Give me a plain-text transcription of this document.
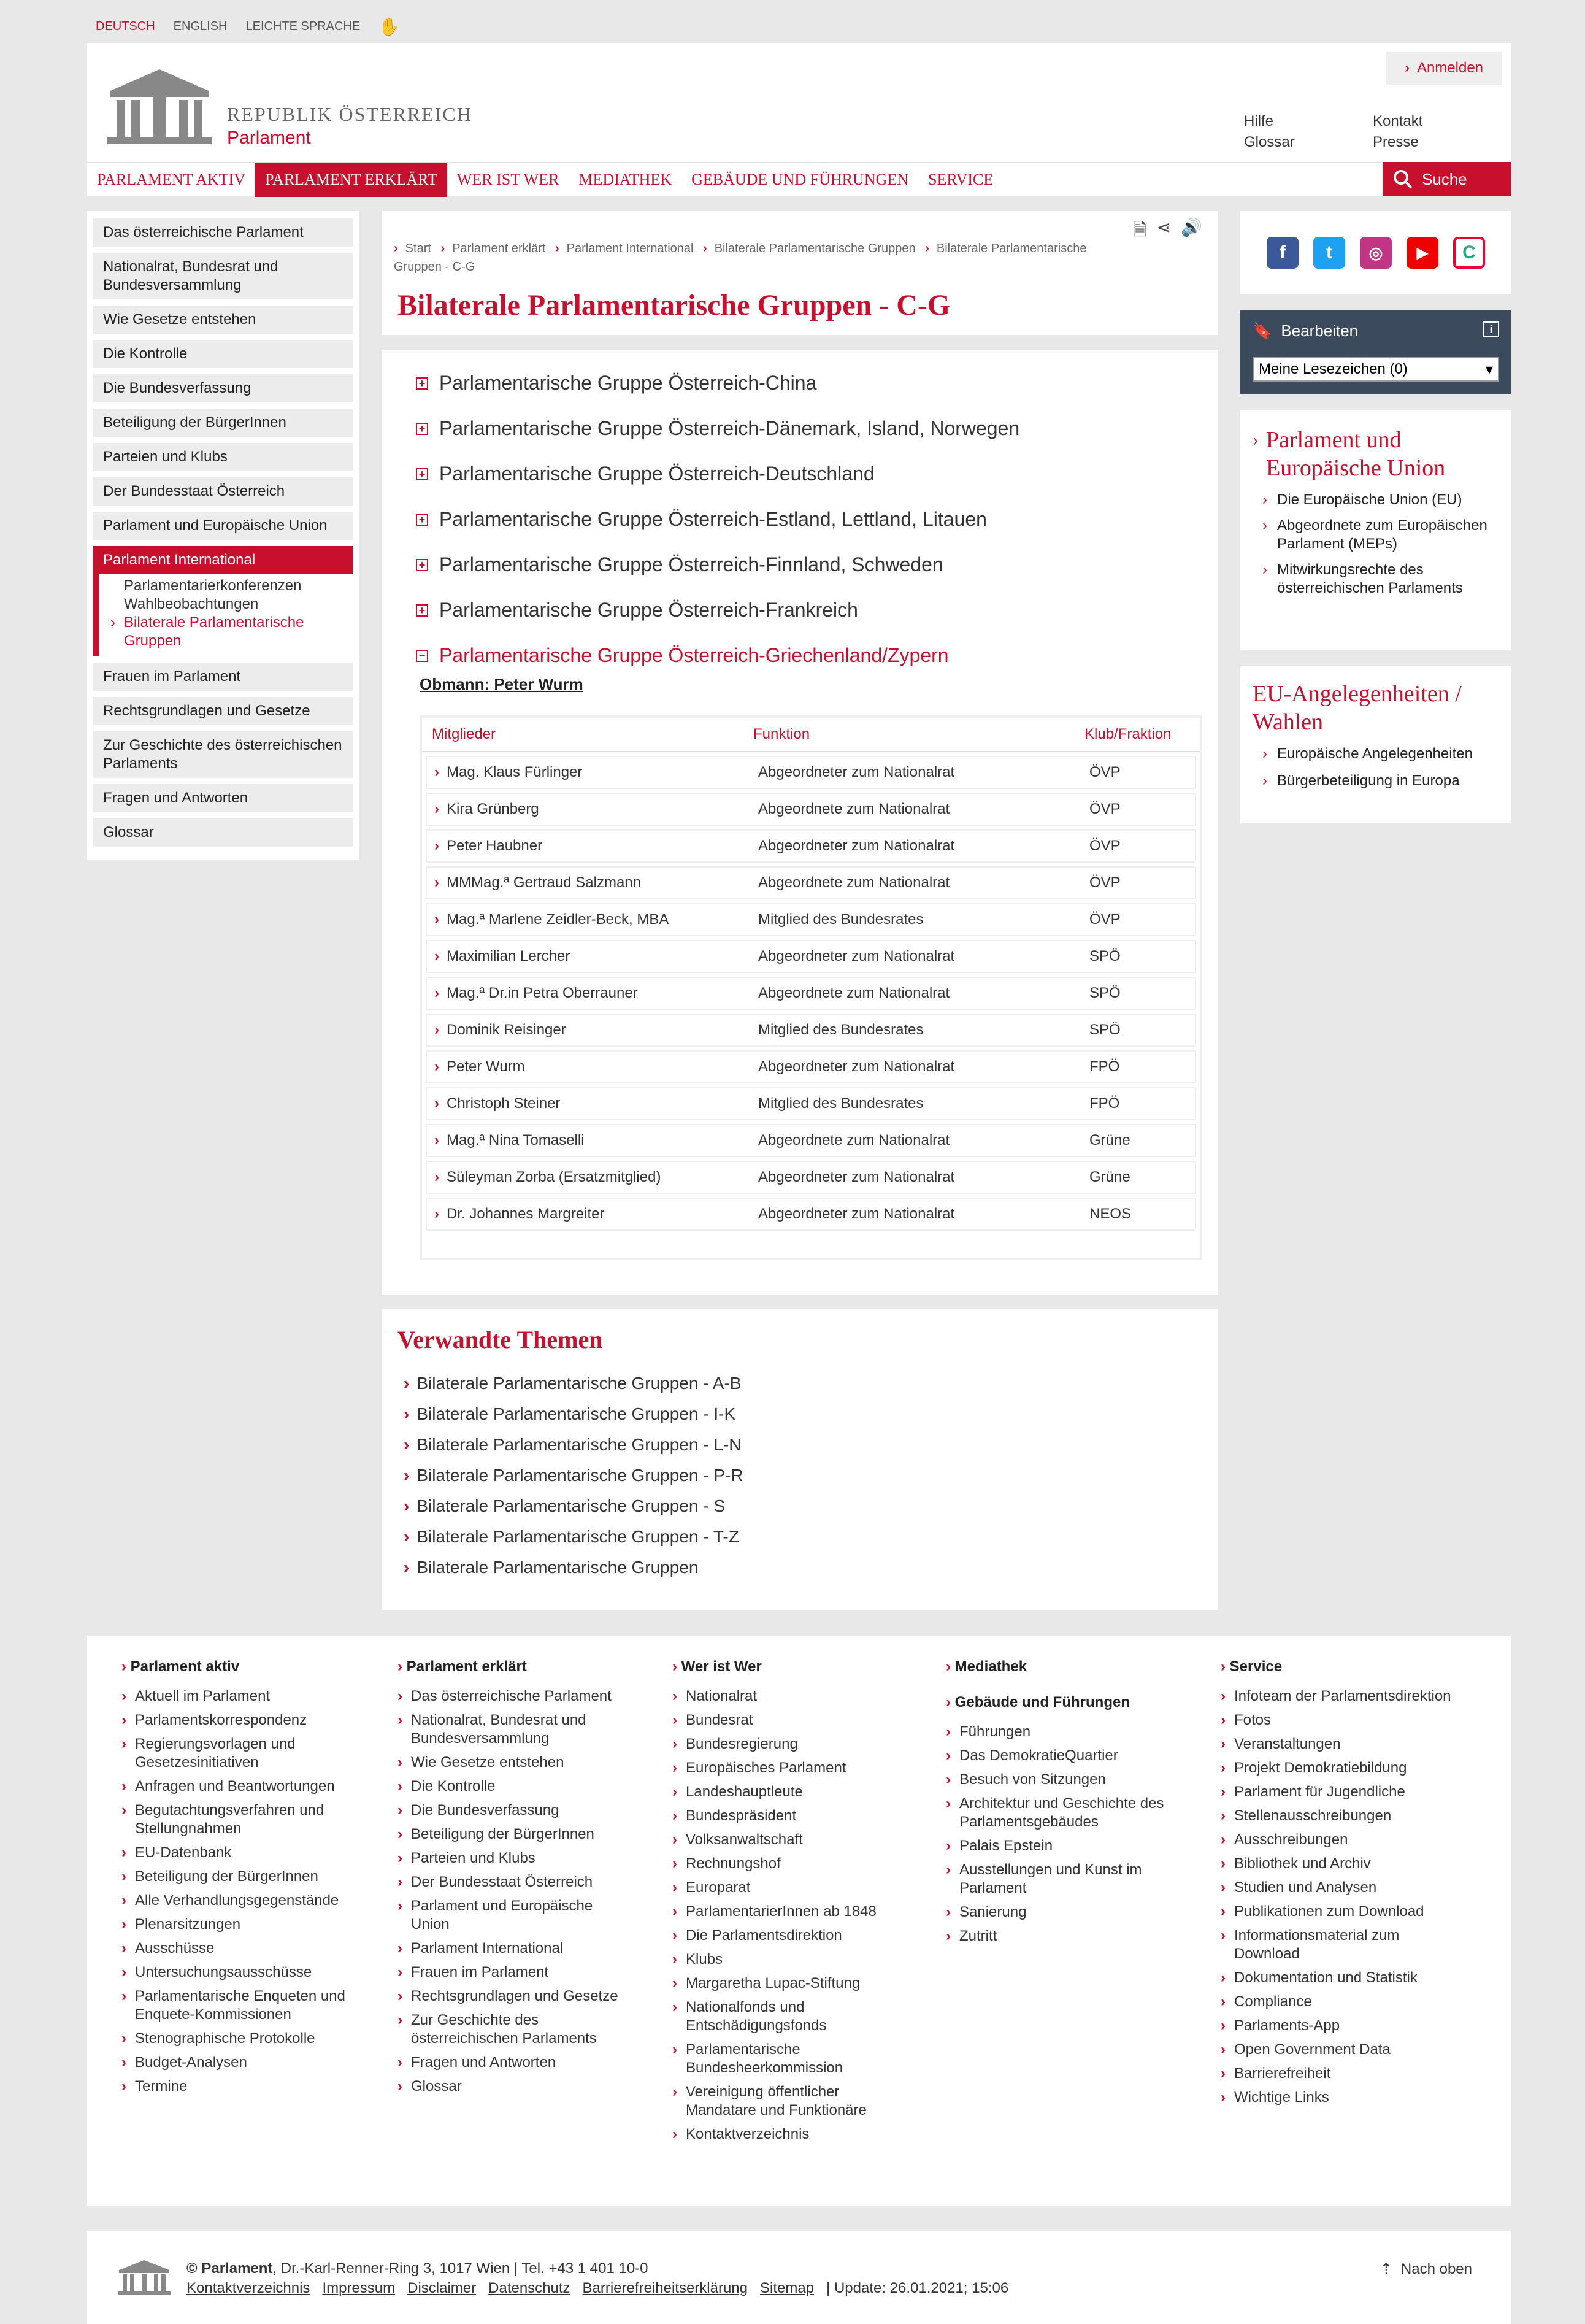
DEUTSCH ENGLISH LEICHTE SPRACHE ✋
REPUBLIK ÖSTERREICH
Parlament
› Anmelden
Hilfe	Kontakt
Glossar	Presse
PARLAMENT AKTIV	PARLAMENT ERKLÄRT	WER IST WER	MEDIATHEK	GEBÄUDE UND FÜHRUNGEN	SERVICE	Suche
Das österreichische Parlament
Nationalrat, Bundesrat und Bundesversammlung
Wie Gesetze entstehen
Die Kontrolle
Die Bundesverfassung
Beteiligung der BürgerInnen
Parteien und Klubs
Der Bundesstaat Österreich
Parlament und Europäische Union
Parlament International
Parlamentarierkonferenzen
Wahlbeobachtungen
› Bilaterale Parlamentarische Gruppen
Frauen im Parlament
Rechtsgrundlagen und Gesetze
Zur Geschichte des österreichischen Parlaments
Fragen und Antworten
Glossar
› Start › Parlament erklärt › Parlament International › Bilaterale Parlamentarische Gruppen › Bilaterale Parlamentarische Gruppen - C-G
🗎 ⋖ 🔊
Bilaterale Parlamentarische Gruppen - C-G
+ Parlamentarische Gruppe Österreich-China
+ Parlamentarische Gruppe Österreich-Dänemark, Island, Norwegen
+ Parlamentarische Gruppe Österreich-Deutschland
+ Parlamentarische Gruppe Österreich-Estland, Lettland, Litauen
+ Parlamentarische Gruppe Österreich-Finnland, Schweden
+ Parlamentarische Gruppe Österreich-Frankreich
− Parlamentarische Gruppe Österreich-Griechenland/Zypern
Obmann: Peter Wurm
Mitglieder	Funktion	Klub/Fraktion
› Mag. Klaus Fürlinger	Abgeordneter zum Nationalrat	ÖVP
› Kira Grünberg	Abgeordnete zum Nationalrat	ÖVP
› Peter Haubner	Abgeordneter zum Nationalrat	ÖVP
› MMMag.ª Gertraud Salzmann	Abgeordnete zum Nationalrat	ÖVP
› Mag.ª Marlene Zeidler-Beck, MBA	Mitglied des Bundesrates	ÖVP
› Maximilian Lercher	Abgeordneter zum Nationalrat	SPÖ
› Mag.ª Dr.in Petra Oberrauner	Abgeordnete zum Nationalrat	SPÖ
› Dominik Reisinger	Mitglied des Bundesrates	SPÖ
› Peter Wurm	Abgeordneter zum Nationalrat	FPÖ
› Christoph Steiner	Mitglied des Bundesrates	FPÖ
› Mag.ª Nina Tomaselli	Abgeordnete zum Nationalrat	Grüne
› Süleyman Zorba (Ersatzmitglied)	Abgeordneter zum Nationalrat	Grüne
› Dr. Johannes Margreiter	Abgeordneter zum Nationalrat	NEOS
Verwandte Themen
› Bilaterale Parlamentarische Gruppen - A-B
› Bilaterale Parlamentarische Gruppen - I-K
› Bilaterale Parlamentarische Gruppen - L-N
› Bilaterale Parlamentarische Gruppen - P-R
› Bilaterale Parlamentarische Gruppen - S
› Bilaterale Parlamentarische Gruppen - T-Z
› Bilaterale Parlamentarische Gruppen
f	t	◎	▶	C
🔖 Bearbeiten	i
Meine Lesezeichen (0)	▾
› Parlament und Europäische Union
› Die Europäische Union (EU)
› Abgeordnete zum Europäischen Parlament (MEPs)
› Mitwirkungsrechte des österreichischen Parlaments
EU-Angelegenheiten / Wahlen
› Europäische Angelegenheiten
› Bürgerbeteiligung in Europa
› Parlament aktiv
› Aktuell im Parlament
› Parlamentskorrespondenz
› Regierungsvorlagen und Gesetzesinitiativen
› Anfragen und Beantwortungen
› Begutachtungsverfahren und Stellungnahmen
› EU-Datenbank
› Beteiligung der BürgerInnen
› Alle Verhandlungsgegenstände
› Plenarsitzungen
› Ausschüsse
› Untersuchungsausschüsse
› Parlamentarische Enqueten und Enquete-Kommissionen
› Stenographische Protokolle
› Budget-Analysen
› Termine
› Parlament erklärt
› Das österreichische Parlament
› Nationalrat, Bundesrat und Bundesversammlung
› Wie Gesetze entstehen
› Die Kontrolle
› Die Bundesverfassung
› Beteiligung der BürgerInnen
› Parteien und Klubs
› Der Bundesstaat Österreich
› Parlament und Europäische Union
› Parlament International
› Frauen im Parlament
› Rechtsgrundlagen und Gesetze
› Zur Geschichte des österreichischen Parlaments
› Fragen und Antworten
› Glossar
› Wer ist Wer
› Nationalrat
› Bundesrat
› Bundesregierung
› Europäisches Parlament
› Landeshauptleute
› Bundespräsident
› Volksanwaltschaft
› Rechnungshof
› Europarat
› ParlamentarierInnen ab 1848
› Die Parlamentsdirektion
› Klubs
› Margaretha Lupac-Stiftung
› Nationalfonds und Entschädigungsfonds
› Parlamentarische Bundesheerkommission
› Vereinigung öffentlicher Mandatare und Funktionäre
› Kontaktverzeichnis
› Mediathek
› Gebäude und Führungen
› Führungen
› Das DemokratieQuartier
› Besuch von Sitzungen
› Architektur und Geschichte des Parlamentsgebäudes
› Palais Epstein
› Ausstellungen und Kunst im Parlament
› Sanierung
› Zutritt
› Service
› Infoteam der Parlamentsdirektion
› Fotos
› Veranstaltungen
› Projekt Demokratiebildung
› Parlament für Jugendliche
› Stellenausschreibungen
› Ausschreibungen
› Bibliothek und Archiv
› Studien und Analysen
› Publikationen zum Download
› Informationsmaterial zum Download
› Dokumentation und Statistik
› Compliance
› Parlaments-App
› Open Government Data
› Barrierefreiheit
› Wichtige Links
© Parlament, Dr.-Karl-Renner-Ring 3, 1017 Wien | Tel. +43 1 401 10-0
Kontaktverzeichnis Impressum Disclaimer Datenschutz Barrierefreiheitserklärung Sitemap | Update: 26.01.2021; 15:06
⇡ Nach oben
